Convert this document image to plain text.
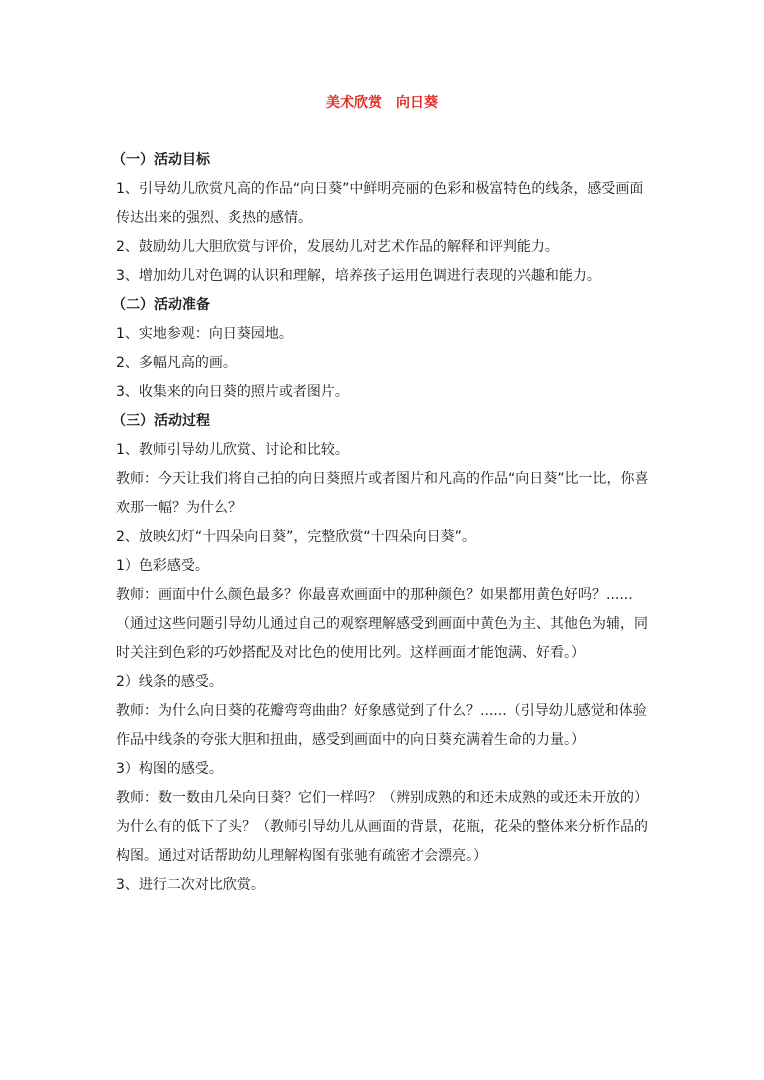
美术欣赏　向日葵

（一）活动目标

1、引导幼儿欣赏凡高的作品“向日葵”中鲜明亮丽的色彩和极富特色的线条，感受画面传达出来的强烈、炙热的感情。

2、鼓励幼儿大胆欣赏与评价，发展幼儿对艺术作品的解释和评判能力。

3、增加幼儿对色调的认识和理解，培养孩子运用色调进行表现的兴趣和能力。

（二）活动准备

1、实地参观：向日葵园地。

2、多幅凡高的画。

3、收集来的向日葵的照片或者图片。

（三）活动过程

1、教师引导幼儿欣赏、讨论和比较。

教师：今天让我们将自己拍的向日葵照片或者图片和凡高的作品“向日葵”比一比，你喜欢那一幅？为什么？

2、放映幻灯“十四朵向日葵”，完整欣赏“十四朵向日葵”。

1）色彩感受。

教师：画面中什么颜色最多？你最喜欢画面中的那种颜色？如果都用黄色好吗？......（通过这些问题引导幼儿通过自己的观察理解感受到画面中黄色为主、其他色为辅，同时关注到色彩的巧妙搭配及对比色的使用比列。这样画面才能饱满、好看。）

2）线条的感受。

教师：为什么向日葵的花瓣弯弯曲曲？好象感觉到了什么？......（引导幼儿感觉和体验作品中线条的夸张大胆和扭曲，感受到画面中的向日葵充满着生命的力量。）

3）构图的感受。

教师：数一数由几朵向日葵？它们一样吗？（辨别成熟的和还未成熟的或还未开放的）为什么有的低下了头？（教师引导幼儿从画面的背景，花瓶，花朵的整体来分析作品的构图。通过对话帮助幼儿理解构图有张驰有疏密才会漂亮。）

3、进行二次对比欣赏。
